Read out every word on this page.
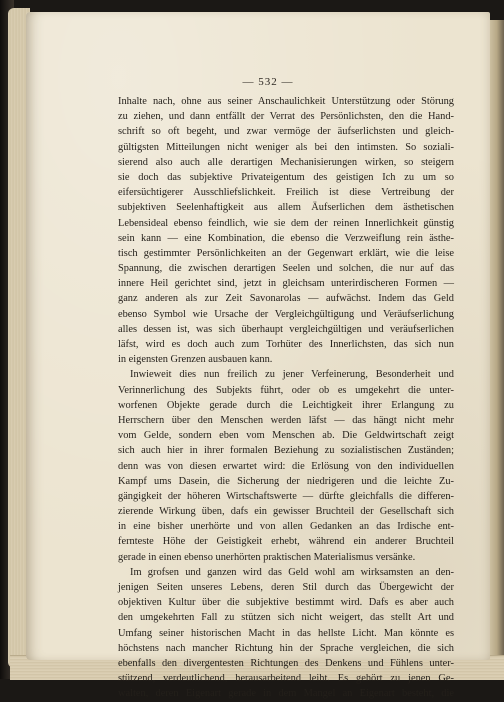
— 532 —
Inhalte nach, ohne aus seiner Anschaulichkeit Unterstützung oder Störung
zu ziehen, und dann entfällt der Verrat des Persönlichsten, den die Hand-
schrift so oft begeht, und zwar vermöge der äufserlichsten und gleich-
gültigsten Mitteilungen nicht weniger als bei den intimsten. So soziali-
sierend also auch alle derartigen Mechanisierungen wirken, so steigern
sie doch das subjektive Privateigentum des geistigen Ich zu um so
eifersüchtigerer Ausschliefslichkeit. Freilich ist diese Vertreibung der
subjektiven Seelenhaftigkeit aus allem Äufserlichen dem ästhetischen
Lebensideal ebenso feindlich, wie sie dem der reinen Innerlichkeit günstig
sein kann — eine Kombination, die ebenso die Verzweiflung rein ästhe-
tisch gestimmter Persönlichkeiten an der Gegenwart erklärt, wie die leise
Spannung, die zwischen derartigen Seelen und solchen, die nur auf das
innere Heil gerichtet sind, jetzt in gleichsam unterirdischeren Formen —
ganz anderen als zur Zeit Savonarolas — aufwächst. Indem das Geld
ebenso Symbol wie Ursache der Vergleichgültigung und Veräufserlichung
alles dessen ist, was sich überhaupt vergleichgültigen und veräufserlichen
läfst, wird es doch auch zum Torhüter des Innerlichsten, das sich nun
in eigensten Grenzen ausbauen kann.
Inwieweit dies nun freilich zu jener Verfeinerung, Besonderheit und
Verinnerlichung des Subjekts führt, oder ob es umgekehrt die unter-
worfenen Objekte gerade durch die Leichtigkeit ihrer Erlangung zu
Herrschern über den Menschen werden läfst — das hängt nicht mehr
vom Gelde, sondern eben vom Menschen ab. Die Geldwirtschaft zeigt
sich auch hier in ihrer formalen Beziehung zu sozialistischen Zuständen;
denn was von diesen erwartet wird: die Erlösung von den individuellen
Kampf ums Dasein, die Sicherung der niedrigeren und die leichte Zu-
gängigkeit der höheren Wirtschaftswerte — dürfte gleichfalls die differen-
zierende Wirkung üben, dafs ein gewisser Bruchteil der Gesellschaft sich
in eine bisher unerhörte und von allen Gedanken an das Irdische ent-
fernteste Höhe der Geistigkeit erhebt, während ein anderer Bruchteil
gerade in einen ebenso unerhörten praktischen Materialismus versänke.
Im grofsen und ganzen wird das Geld wohl am wirksamsten an den-
jenigen Seiten unseres Lebens, deren Stil durch das Übergewicht der
objektiven Kultur über die subjektive bestimmt wird. Dafs es aber auch
den umgekehrten Fall zu stützen sich nicht weigert, das stellt Art und
Umfang seiner historischen Macht in das hellste Licht. Man könnte es
höchstens nach mancher Richtung hin der Sprache vergleichen, die sich
ebenfalls den divergentesten Richtungen des Denkens und Fühlens unter-
stützend, verdeutlichend, herausarbeitend leiht. Es gehört zu jenen Ge-
walten, deren Eigenart gerade in dem Mangel an Eigenart besteht, die
